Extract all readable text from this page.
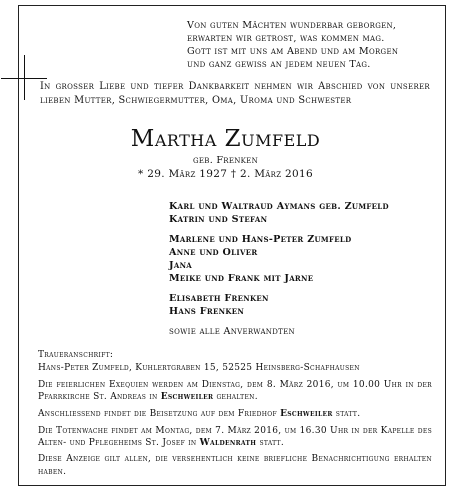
Von guten Mächten wunderbar geborgen,
erwarten wir getrost, was kommen mag.
Gott ist mit uns am Abend und am Morgen
und ganz gewiss an jedem neuen Tag.
In grosser Liebe und tiefer Dankbarkeit nehmen wir Abschied von unserer lieben Mutter, Schwiegermutter, Oma, Uroma und Schwester
Martha Zumfeld
geb. Frenken
* 29. März 1927 † 2. März 2016
Karl und Waltraud Aymans geb. Zumfeld
Katrin und Stefan
Marlene und Hans-Peter Zumfeld
Anne und Oliver
Jana
Meike und Frank mit Jarne
Elisabeth Frenken
Hans Frenken
sowie alle Anverwandten

Traueranschrift:

Hans-Peter Zumfeld, Kuhlertgraben 15, 52525 Heinsberg-Schafhausen

Die feierlichen Exequien werden am Dienstag, dem 8. März 2016, um 10.00 Uhr in der Pfarrkirche St. Andreas in Eschweiler gehalten.

Anschliessend findet die Beisetzung auf dem Friedhof Eschweiler statt.

Die Totenwache findet am Montag, dem 7. März 2016, um 16.30 Uhr in der Kapelle des Alten- und Pflegeheims St. Josef in Waldenrath statt.

Diese Anzeige gilt allen, die versehentlich keine briefliche Benachrichtigung erhalten haben.
